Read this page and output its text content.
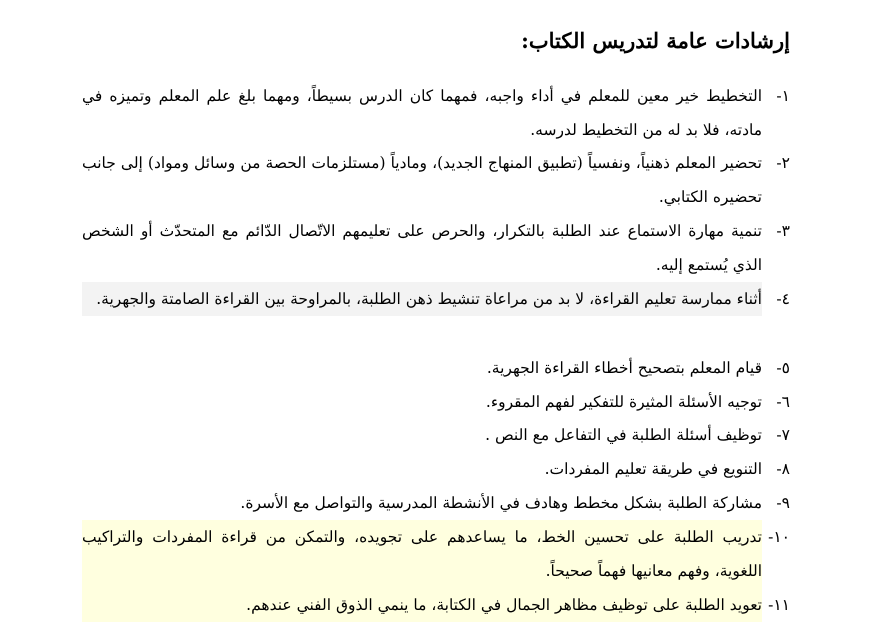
إرشادات عامة لتدريس الكتاب:
١-
التخطيط خير معين للمعلم في أداء واجبه، فمهما كان الدرس بسيطاً، ومهما بلغ علم المعلم وتميزه في مادته، فلا بد له من التخطيط لدرسه.
٢-
تحضير المعلم ذهنياً، ونفسياً (تطبيق المنهاج الجديد)، ومادياً (مستلزمات الحصة من وسائل ومواد) إلى جانب تحضيره الكتابي.
٣-
تنمية مهارة الاستماع عند الطلبة بالتكرار، والحرص على تعليمهم الاتّصال الدّائم مع المتحدّث أو الشخص الذي يُستمع إليه.
٤-
أثناء ممارسة تعليم القراءة، لا بد من مراعاة تنشيط ذهن الطلبة، بالمراوحة بين القراءة الصامتة والجهرية.
٥-
قيام المعلم بتصحيح أخطاء القراءة الجهرية.
٦-
توجيه الأسئلة المثيرة للتفكير لفهم المقروء.
٧-
توظيف أسئلة الطلبة في التفاعل مع النص .
٨-
التنويع في طريقة تعليم المفردات.
٩-
مشاركة الطلبة بشكل مخطط وهادف في الأنشطة المدرسية والتواصل مع الأسرة.
١٠-
تدريب الطلبة على تحسين الخط، ما يساعدهم على تجويده، والتمكن من قراءة المفردات والتراكيب اللغوية، وفهم معانيها فهماً صحيحاً.
١١-
تعويد الطلبة على توظيف مظاهر الجمال في الكتابة، ما ينمي الذوق الفني عندهم.
